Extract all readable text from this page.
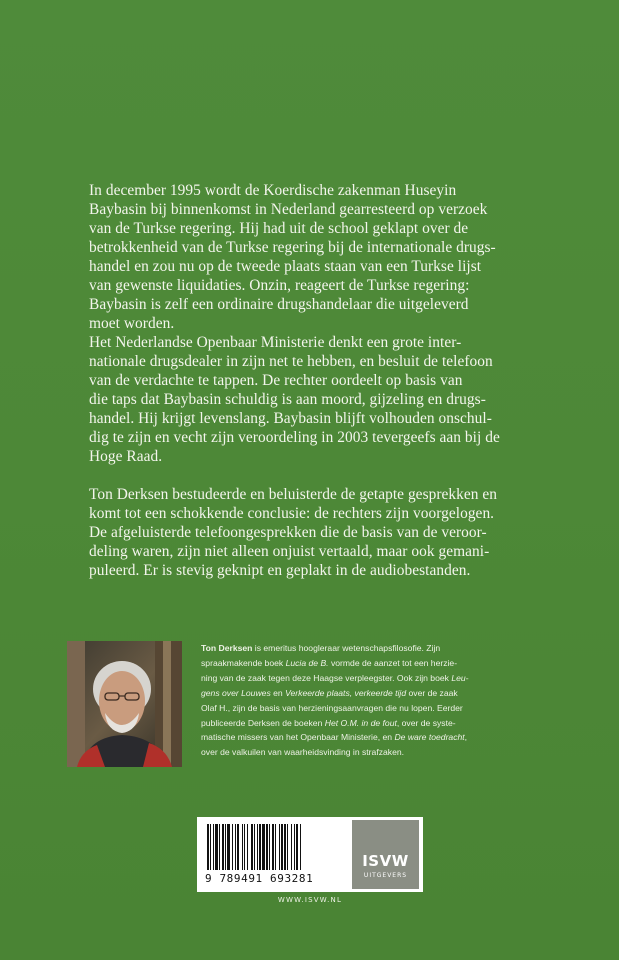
In december 1995 wordt de Koerdische zakenman Huseyin
Baybasin bij binnenkomst in Nederland gearresteerd op verzoek
van de Turkse regering. Hij had uit de school geklapt over de
betrokkenheid van de Turkse regering bij de internationale drugs-
handel en zou nu op de tweede plaats staan van een Turkse lijst
van gewenste liquidaties. Onzin, reageert de Turkse regering:
Baybasin is zelf een ordinaire drugshandelaar die uitgeleverd
moet worden.
Het Nederlandse Openbaar Ministerie denkt een grote inter-
nationale drugsdealer in zijn net te hebben, en besluit de telefoon
van de verdachte te tappen. De rechter oordeelt op basis van
die taps dat Baybasin schuldig is aan moord, gijzeling en drugs-
handel. Hij krijgt levenslang. Baybasin blijft volhouden onschul-
dig te zijn en vecht zijn veroordeling in 2003 tevergeefs aan bij de
Hoge Raad.

Ton Derksen bestudeerde en beluisterde de getapte gesprekken en
komt tot een schokkende conclusie: de rechters zijn voorgelogen.
De afgeluisterde telefoongesprekken die de basis van de veroor-
deling waren, zijn niet alleen onjuist vertaald, maar ook gemani-
puleerd. Er is stevig geknipt en geplakt in de audiobestanden.

Ton Derksen is emeritus hoogleraar wetenschapsfilosofie. Zijn
spraakmakende boek Lucia de B. vormde de aanzet tot een herzie-
ning van de zaak tegen deze Haagse verpleegster. Ook zijn boek Leu-
gens over Louwes en Verkeerde plaats, verkeerde tijd over de zaak
Olaf H., zijn de basis van herzieningsaanvragen die nu lopen. Eerder
publiceerde Derksen de boeken Het O.M. in de fout, over de syste-
matische missers van het Openbaar Ministerie, en De ware toedracht,
over de valkuilen van waarheidsvinding in strafzaken.
9 789491 693281
ISVW
UITGEVERS
WWW.ISVW.NL
